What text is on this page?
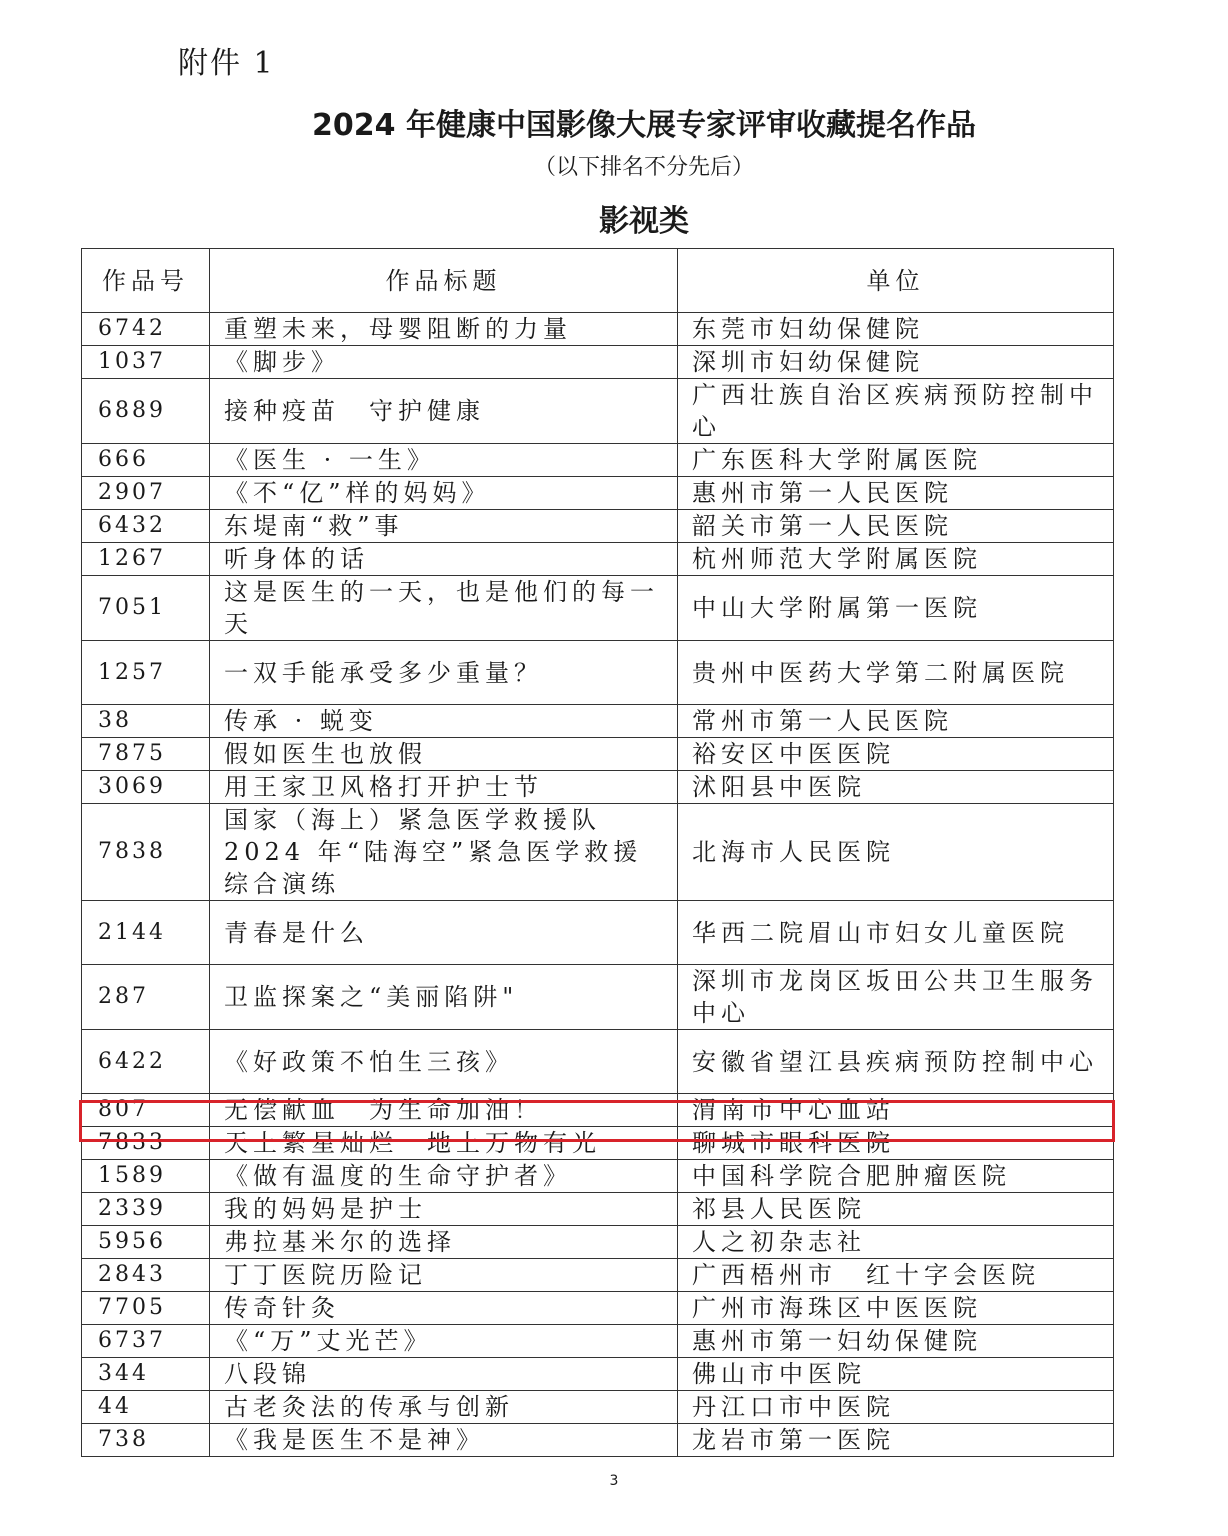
附件 1
2024 年健康中国影像大展专家评审收藏提名作品
（以下排名不分先后）
影视类
作品号	作品标题	单位
6742	重塑未来，母婴阻断的力量	东莞市妇幼保健院
1037	《脚步》	深圳市妇幼保健院
6889	接种疫苗　守护健康	广西壮族自治区疾病预防控制中心
666	《医生 · 一生》	广东医科大学附属医院
2907	《不“亿”样的妈妈》	惠州市第一人民医院
6432	东堤南“救”事	韶关市第一人民医院
1267	听身体的话	杭州师范大学附属医院
7051	这是医生的一天，也是他们的每一天	中山大学附属第一医院
1257	一双手能承受多少重量？	贵州中医药大学第二附属医院
38	传承 · 蜕变	常州市第一人民医院
7875	假如医生也放假	裕安区中医医院
3069	用王家卫风格打开护士节	沭阳县中医院
7838	国家（海上）紧急医学救援队 2024 年“陆海空”紧急医学救援综合演练	北海市人民医院
2144	青春是什么	华西二院眉山市妇女儿童医院
287	卫监探案之“美丽陷阱"	深圳市龙岗区坂田公共卫生服务中心
6422	《好政策不怕生三孩》	安徽省望江县疾病预防控制中心
807	无偿献血　为生命加油！	渭南市中心血站
7833	天上繁星灿烂　地上万物有光	聊城市眼科医院
1589	《做有温度的生命守护者》	中国科学院合肥肿瘤医院
2339	我的妈妈是护士	祁县人民医院
5956	弗拉基米尔的选择	人之初杂志社
2843	丁丁医院历险记	广西梧州市　红十字会医院
7705	传奇针灸	广州市海珠区中医医院
6737	《“万”丈光芒》	惠州市第一妇幼保健院
344	八段锦	佛山市中医院
44	古老灸法的传承与创新	丹江口市中医院
738	《我是医生不是神》	龙岩市第一医院
3
